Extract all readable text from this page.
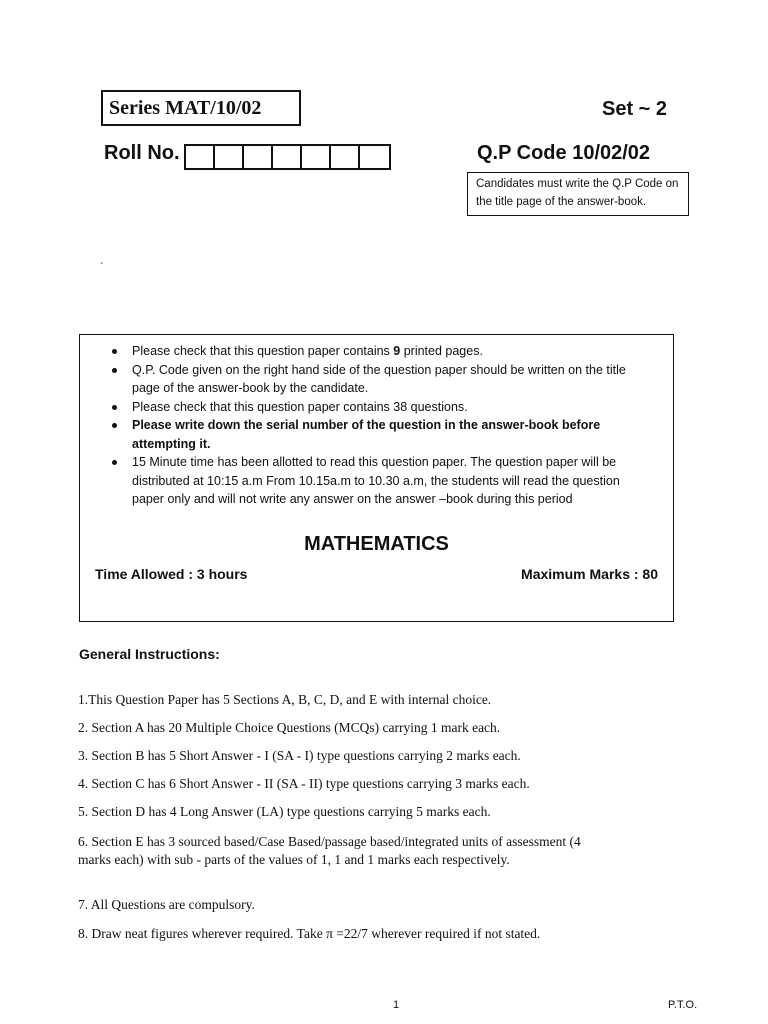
Series MAT/10/02	Set ~ 2
Roll No.	Q.P Code 10/02/02
Candidates must write the Q.P Code on the title page of the answer-book.
-
Please check that this question paper contains 9 printed pages.
Q.P. Code given on the right hand side of the question paper should be written on the title page of the answer-book by the candidate.
Please check that this question paper contains 38 questions.
Please write down the serial number of the question in the answer-book before attempting it.
15 Minute time has been allotted to read this question paper. The question paper will be distributed at 10:15 a.m From 10.15a.m to 10.30 a.m, the students will read the question paper only and will not write any answer on the answer –book during this period
MATHEMATICS
Time Allowed : 3 hours	Maximum Marks : 80
General Instructions:
1.This Question Paper has 5 Sections A, B, C, D, and E with internal choice.
2. Section A has 20 Multiple Choice Questions (MCQs) carrying 1 mark each.
3. Section B has 5 Short Answer - I (SA - I) type questions carrying 2 marks each.
4. Section C has 6 Short Answer - II (SA - II) type questions carrying 3 marks each.
5. Section D has 4 Long Answer (LA) type questions carrying 5 marks each.
6. Section E has 3 sourced based/Case Based/passage based/integrated units of assessment (4 marks each) with sub - parts of the values of 1, 1 and 1 marks each respectively.
7. All Questions are compulsory.
8. Draw neat figures wherever required. Take π =22/7 wherever required if not stated.
1	P.T.O.
